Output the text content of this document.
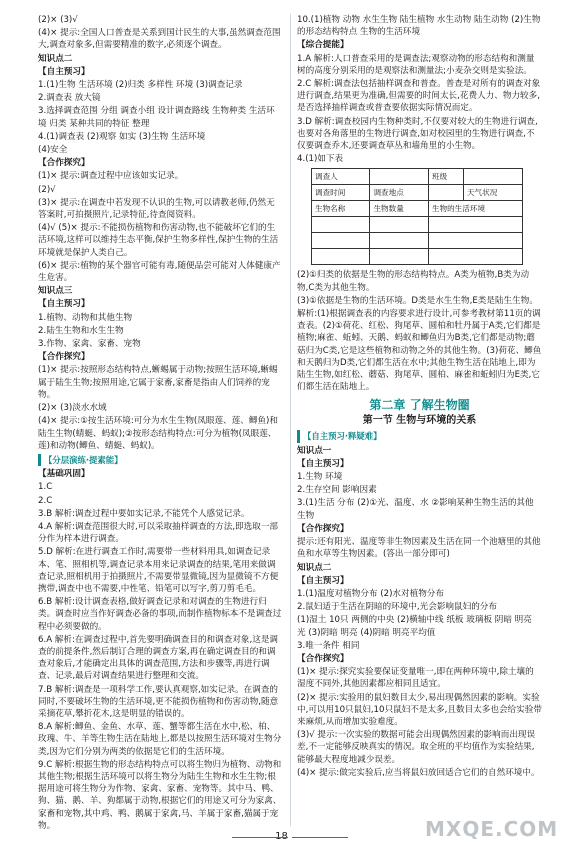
(2)× (3)√

(4)× 提示:全国人口普查是关系到国计民生的大事,虽然调查范围大,调查对象多,但需要精准的数字,必须逐个调查。

知识点二

【自主预习】

1.(1)生物 生活环境 (2)归类 多样性 环境 (3)调查记录

2.调查表 放大镜

3.选择调查范围 分组 调查小组 设计调查路线 生物种类 生活环境 归类 某种共同的特征 整理

4.(1)调查表 (2)观察 如实 (3)生物 生活环境

(4)安全

【合作探究】

(1)× 提示:调查过程中应该如实记录。

(2)√

(3)× 提示:在调查中若发现不认识的生物,可以请教老师,仍然无答案时,可拍摄照片,记录特征,待查阅资料。

(4)√ (5)× 提示:不能损伤植物和伤害动物,也不能破坏它们的生活环境,这样可以维持生态平衡,保护生物多样性,保护生物的生活环境就是保护人类自己。

(6)× 提示:植物的某个器官可能有毒,随便品尝可能对人体健康产生危害。

知识点三

【自主预习】

1.植物、动物和其他生物

2.陆生生物和水生生物

3.作物、家禽、家畜、宠物

【合作探究】

(1)× 提示:按照形态结构特点,蜥蜴属于动物;按照生活环境,蜥蜴属于陆生生物;按照用途,它属于家畜,家畜是指由人们饲养的宠物。

(2)× (3)淡水水域

(4)× 提示:①按生活环境:可分为水生生物(凤眼莲、莲、鲫鱼)和陆生生物(蜻蜓、蚂蚁);②按形态结构特点:可分为植物(凤眼莲、莲)和动物(鲫鱼、蜻蜓、蚂蚁)。

【分层演练·提素能】

【基础巩固】

1.C

2.C

3.B 解析:调查过程中要如实记录,不能凭个人感觉记录。

4.A 解析:调查范围很大时,可以采取抽样调查的方法,即选取一部分作为样本进行调查。

5.D 解析:在进行调查工作时,需要带一些材料用具,如调查记录本、笔、照相机等,调查记录本用来记录调查的结果,笔用来做调查记录,照相机用于拍摄照片,不需要带显微镜,因为显微镜不方便携带,调查中也不需要,中性笔、铅笔可以写字,剪刀剪毛毛。

6.B 解析:设计调查表格,做好调查记录和对调查的生物进行归类。调查时应当作好调查必备的事项,而制作植物标本不是调查过程中必须要做的。

6.A 解析:在调查过程中,首先要明确调查目的和调查对象,这是调查的前提条件,然后制订合理的调查方案,再在确定调查目的和调查对象后,才能确定出具体的调查范围,方法和步骤等,再进行调查、记录,最后对调查结果进行整理和交流。

7.B 解析:调查是一项科学工作,要认真观察,如实记录。在调查的同时,不要破坏生物的生活环境,更不能损伤植物和伤害动物,随意采摘花草,攀折花木,这是明显的错误的。

8.A 解析:鲫鱼、金鱼、水草、莲、蟹等都生活在水中,松、柏、玫瑰、牛、羊等生物生活在陆地上,都是以按照生活环境对生物分类,因为它们分别为两类的依据是它们的生活环境。

9.C 解析:根据生物的形态结构特点可以将生物归为植物、动物和其他生物;根据生活环境可以将生物分为陆生生物和水生生物;根据用途可将生物分为作物、家禽、家畜、宠物等。其中马、鸭、狗、猫、鹅、羊、狗都属于动物,根据它们的用途又可分为家禽、家畜和宠物,其中鸡、鸭、鹅属于家禽,马、羊属于家畜,猫属于宠物。

10.(1)植物 动物 水生生物 陆生植物 水生动物 陆生动物 (2)生物的形态结构特点 生物的生活环境

【综合提能】

1.A 解析:人口普查采用的是调查法;观察动物的形态结构和测量树的高度分别采用的是观察法和测量法;小麦杂交则是实验法。

2.C 解析:调查法包括抽样调查和普查。普查是对所有的调查对象进行调查,结果更为准确,但需要的时间太长,花费人力、物力较多,是否选择抽样调查或普查要依据实际情况而定。

3.D 解析:调查校园内生物种类时,不仅要对较大的生物进行调查,也要对各角落里的生物进行调查,如对校园里的生物进行调查,不仅要调查乔木,还要调查草丛和墙角里的小生物。

4.(1)如下表

调查人		班级	
调查时间	调查地点		天气状况
生物名称	生物数量	生物的生活环境	

(2)①归类的依据是生物的形态结构特点。A类为植物,B类为动物,C类为其他生物。

(3)①依据是生物的生活环境。D类是水生生物,E类是陆生生物。

解析:(1)根据调查表的内容要求进行设计,可参考教材第11页的调查表。(2)①荷花、红松、狗尾草、圆柏和牡丹属于A类,它们都是植物;麻雀、蚯蚓、天鹅、蚂蚁和鲫鱼归为B类,它们都是动物;蘑菇归为C类,它是这些植物和动物之外的其他生物。(3)荷花、鲫鱼和天鹅归为D类,它们都生活在水中;其他生物生活在陆地上,即为陆生生物,如红松、蘑菇、狗尾草、圆柏、麻雀和蚯蚓归为E类,它们都生活在陆地上。

第二章 了解生物圈

第一节 生物与环境的关系

【自主预习·释疑难】

知识点一

【自主预习】

1.生物 环境

2.生存空间 影响因素

3.(1)生活 分布 (2)①光、温度、水 ②影响某种生物生活的其他生物

【合作探究】

提示:还有阳光、温度等非生物因素及生活在同一个池塘里的其他鱼和水草等生物因素。(答出一部分即可)

知识点二

【自主预习】

1.(1)温度对植物分布 (2)水对植物分布

2.鼠妇适于生活在阴暗的环境中,光会影响鼠妇的分布

(1)湿土 10只 两侧的中央 (2)横轴中线 纸板 玻璃板 阴暗 明亮 光 (3)阴暗 明亮 (4)阴暗 明亮平均值

3.唯一条件 相同

【合作探究】

(1)× 提示:探究实验要保证变量唯一,即在两种环境中,除土壤的湿度不同外,其他因素都应相同且适宜。

(2)× 提示:实验用的鼠妇数目太少,易出现偶然因素的影响。实验中,可以用10只鼠妇,10只鼠妇不是太多,且数目太多也会给实验带来麻烦,从而增加实验难度。

(3)√ 提示:一次实验的数据可能会出现偶然因素的影响而出现误差,不一定能够反映真实的情况。取全班的平均值作为实验结果,能够最大程度地减少误差。

(4)× 提示:做完实验后,应当将鼠妇放回适合它们的自然环境中。

MXQE.COM
